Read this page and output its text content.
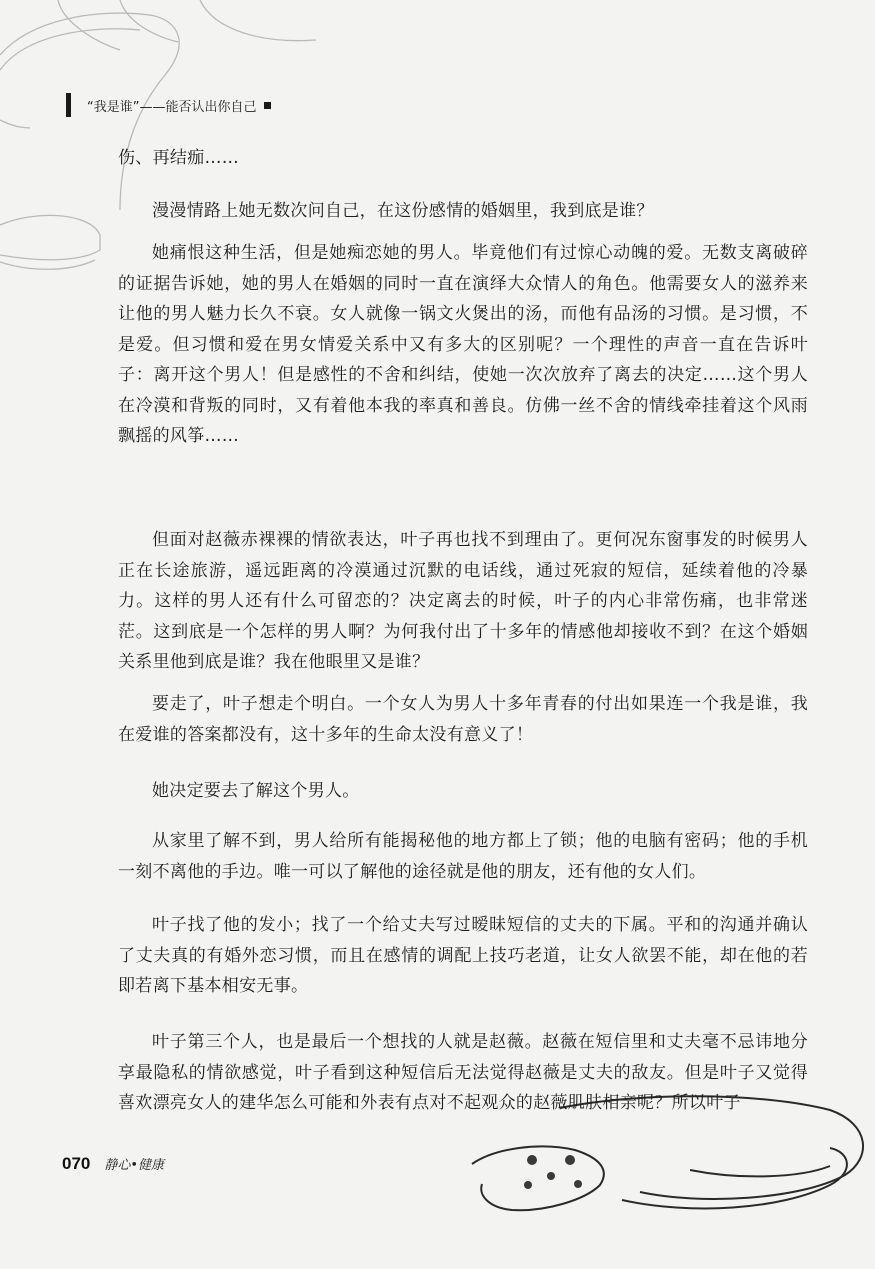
“我是谁”——能否认出你自己

伤、再结痂……

漫漫情路上她无数次问自己，在这份感情的婚姻里，我到底是谁？

她痛恨这种生活，但是她痴恋她的男人。毕竟他们有过惊心动魄的爱。无数支离破碎的证据告诉她，她的男人在婚姻的同时一直在演绎大众情人的角色。他需要女人的滋养来让他的男人魅力长久不衰。女人就像一锅文火煲出的汤，而他有品汤的习惯。是习惯，不是爱。但习惯和爱在男女情爱关系中又有多大的区别呢？一个理性的声音一直在告诉叶子：离开这个男人！但是感性的不舍和纠结，使她一次次放弃了离去的决定……这个男人在冷漠和背叛的同时，又有着他本我的率真和善良。仿佛一丝不舍的情线牵挂着这个风雨飘摇的风筝……

但面对赵薇赤裸裸的情欲表达，叶子再也找不到理由了。更何况东窗事发的时候男人正在长途旅游，遥远距离的冷漠通过沉默的电话线，通过死寂的短信，延续着他的冷暴力。这样的男人还有什么可留恋的？决定离去的时候，叶子的内心非常伤痛，也非常迷茫。这到底是一个怎样的男人啊？为何我付出了十多年的情感他却接收不到？在这个婚姻关系里他到底是谁？我在他眼里又是谁？

要走了，叶子想走个明白。一个女人为男人十多年青春的付出如果连一个我是谁，我在爱谁的答案都没有，这十多年的生命太没有意义了！

她决定要去了解这个男人。

从家里了解不到，男人给所有能揭秘他的地方都上了锁；他的电脑有密码；他的手机一刻不离他的手边。唯一可以了解他的途径就是他的朋友，还有他的女人们。

叶子找了他的发小；找了一个给丈夫写过暧昧短信的丈夫的下属。平和的沟通并确认了丈夫真的有婚外恋习惯，而且在感情的调配上技巧老道，让女人欲罢不能，却在他的若即若离下基本相安无事。

叶子第三个人，也是最后一个想找的人就是赵薇。赵薇在短信里和丈夫毫不忌讳地分享最隐私的情欲感觉，叶子看到这种短信后无法觉得赵薇是丈夫的敌友。但是叶子又觉得喜欢漂亮女人的建华怎么可能和外表有点对不起观众的赵薇肌肤相亲呢？所以叶子

070 静心•健康
